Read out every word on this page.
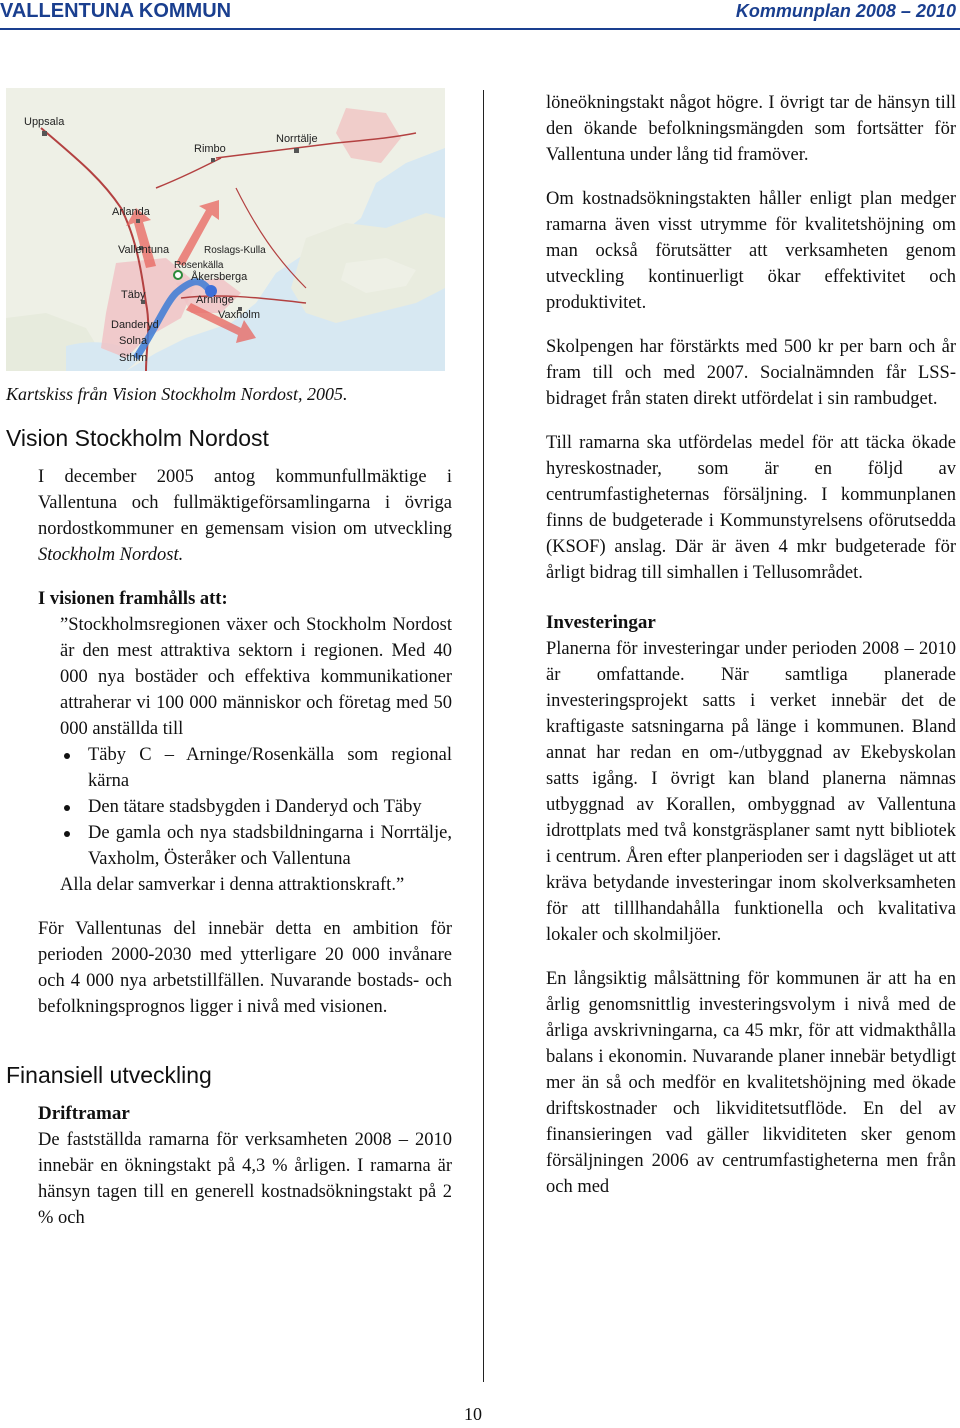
VALLENTUNA KOMMUN	Kommunplan 2008 – 2010
Uppsala
Rimbo
Norrtälje
Arlanda
Vallentuna	Roslags-Kulla
Rosenkälla
Åkersberga
Arninge
Täby
Vaxholm
Danderyd
Solna
Sthlm

Kartskiss från Vision Stockholm Nordost, 2005.

Vision Stockholm Nordost

I december 2005 antog kommunfullmäktige i Vallentuna och fullmäktigeförsamlingarna i övriga nordostkommuner en gemensam vision om utveckling Stockholm Nordost.

I visionen framhålls att:

”Stockholmsregionen växer och Stockholm Nordost är den mest attraktiva sektorn i regionen. Med 40 000 nya bostäder och effektiva kommunikationer attraherar vi 100 000 människor och företag med 50 000 anställda till

Täby C – Arninge/Rosenkälla som regional kärna
Den tätare stadsbygden i Danderyd och Täby
De gamla och nya stadsbildningarna i Norrtälje, Vaxholm, Österåker och Vallentuna

Alla delar samverkar i denna attraktionskraft.”

För Vallentunas del innebär detta en ambition för perioden 2000-2030 med ytterligare 20 000 invånare och 4 000 nya arbetstillfällen. Nuvarande bostads- och befolkningsprognos ligger i nivå med visionen.

Finansiell utveckling

Driftramar

De fastställda ramarna för verksamheten 2008 – 2010 innebär en ökningstakt på 4,3 % årligen. I ramarna är hänsyn tagen till en generell kostnadsökningstakt på 2 % och

löneökningstakt något högre. I övrigt tar de hänsyn till den ökande befolkningsmängden som fortsätter för Vallentuna under lång tid framöver.

Om kostnadsökningstakten håller enligt plan medger ramarna även visst utrymme för kvalitetshöjning om man också förutsätter att verksamheten genom utveckling kontinuerligt ökar effektivitet och produktivitet.

Skolpengen har förstärkts med 500 kr per barn och år fram till och med 2007. Socialnämnden får LSS-bidraget från staten direkt utfördelat i sin rambudget.

Till ramarna ska utfördelas medel för att täcka ökade hyreskostnader, som är en följd av centrumfastigheternas försäljning. I kommunplanen finns de budgeterade i Kommunstyrelsens oförutsedda (KSOF) anslag. Där är även 4 mkr budgeterade för årligt bidrag till simhallen i Tellusområdet.

Investeringar

Planerna för investeringar under perioden 2008 – 2010 är omfattande. När samtliga planerade investeringsprojekt satts i verket innebär det de kraftigaste satsningarna på länge i kommunen. Bland annat har redan en om-/utbyggnad av Ekebyskolan satts igång. I övrigt kan bland planerna nämnas utbyggnad av Korallen, ombyggnad av Vallentuna idrottplats med två konstgräsplaner samt nytt bibliotek i centrum. Åren efter planperioden ser i dagsläget ut att kräva betydande investeringar inom skolverksamheten för att tilllhandahålla funktionella och kvalitativa lokaler och skolmiljöer.

En långsiktig målsättning för kommunen är att ha en årlig genomsnittlig investeringsvolym i nivå med de årliga avskrivningarna, ca 45 mkr, för att vidmakthålla balans i ekonomin. Nuvarande planer innebär betydligt mer än så och medför en kvalitetshöjning med ökade driftskostnader och likviditetsutflöde. En del av finansieringen vad gäller likviditeten sker genom försäljningen 2006 av centrumfastigheterna men från och med

10
